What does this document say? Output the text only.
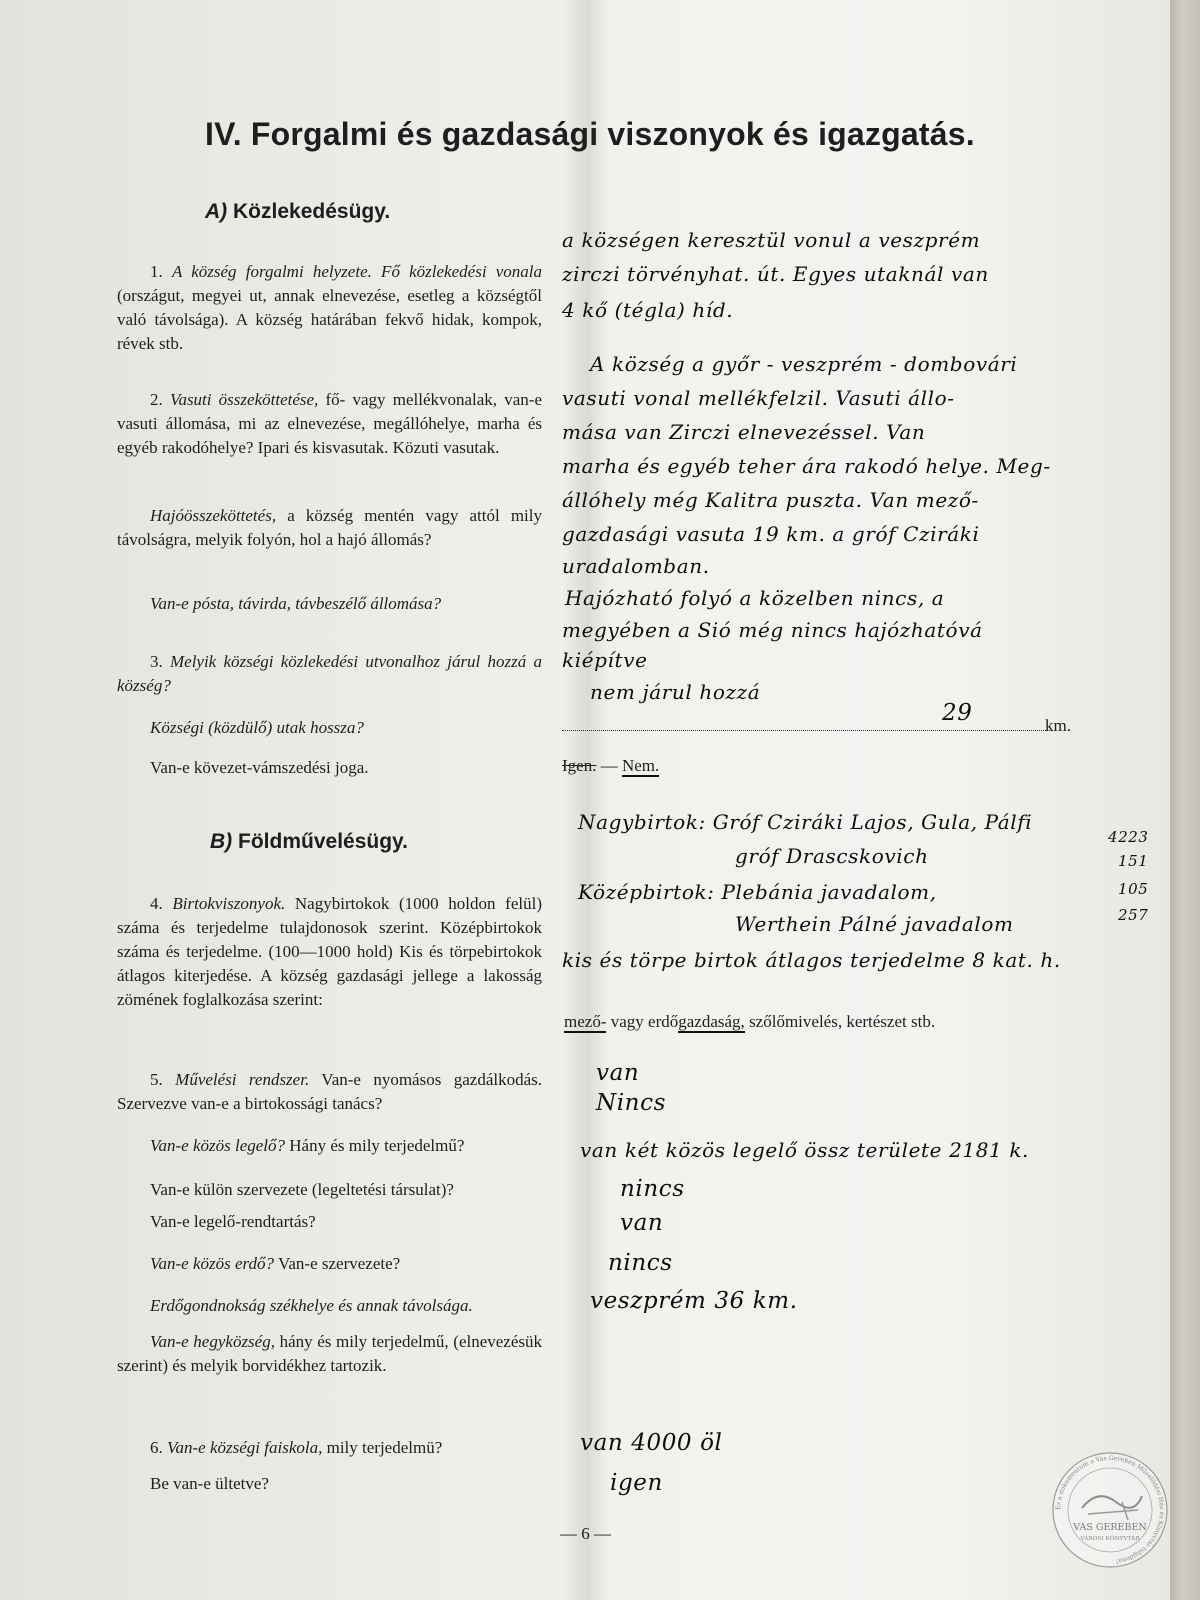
IV. Forgalmi és gazdasági viszonyok és igazgatás.
A) Közlekedésügy.
1. A község forgalmi helyzete. Fő közlekedési vonala (országut, megyei ut, annak elnevezése, esetleg a községtől való távolsága). A község határában fekvő hidak, kompok, révek stb.
2. Vasuti összeköttetése, fő- vagy mellékvonalak, van-e vasuti állomása, mi az elnevezése, megállóhelye, marha és egyéb rakodóhelye? Ipari és kisvasutak. Közuti vasutak.
Hajóösszeköttetés, a község mentén vagy attól mily távolságra, melyik folyón, hol a hajó állomás?
Van-e pósta, távirda, távbeszélő állomása?
3. Melyik községi közlekedési utvonalhoz járul hozzá a község?
Községi (közdülő) utak hossza?
Van-e kövezet-vámszedési joga.
B) Földművelésügy.
4. Birtokviszonyok. Nagybirtokok (1000 holdon felül) száma és terjedelme tulajdonosok szerint. Középbirtokok száma és terjedelme. (100—1000 hold) Kis és törpebirtokok átlagos kiterjedése. A község gazdasági jellege a lakosság zömének foglalkozása szerint:
5. Művelési rendszer. Van-e nyomásos gazdálkodás. Szervezve van-e a birtokossági tanács?
Van-e közös legelő? Hány és mily terjedelmű?
Van-e külön szervezete (legeltetési társulat)?
Van-e legelő-rendtartás?
Van-e közös erdő? Van-e szervezete?
Erdőgondnokság székhelye és annak távolsága.
Van-e hegyközség, hány és mily terjedelmű, (elnevezésük szerint) és melyik borvidékhez tartozik.
6. Van-e községi faiskola, mily terjedelmü?
Be van-e ültetve?
km.
Igen. — Nem.
mező- vagy erdőgazdaság, szőlőmivelés, kertészet stb.
a községen keresztül vonul a veszprém
zirczi törvényhat. út. Egyes utaknál van
4 kő (tégla) híd.
A község a győr - veszprém - dombovári
vasuti vonal mellékfelzil. Vasuti állo-
mása van Zirczi elnevezéssel. Van
marha és egyéb teher ára rakodó helye. Meg-
állóhely még Kalitra puszta. Van mező-
gazdasági vasuta 19 km. a gróf Cziráki
uradalomban.
Hajózható folyó a közelben nincs, a
megyében a Sió még nincs hajózhatóvá
kiépítve
nem járul hozzá
29
Nagybirtok: Gróf Cziráki Lajos, Gula, Pálfi
gróf Drascskovich
Középbirtok: Plebánia javadalom,
Werthein Pálné javadalom
kis és törpe birtok átlagos terjedelme 8 kat. h.
4223
151
105
257
van
Nincs
van két közös legelő össz területe 2181 k.
nincs
van
nincs
veszprém 36 km.
van 4000 öl
igen
— 6 —
Ez a dokumentum a Vas Gereben Művelődési Ház és Könyvtár tulajdona!
VAS GEREBEN
VÁROSI KÖNYVTÁR
